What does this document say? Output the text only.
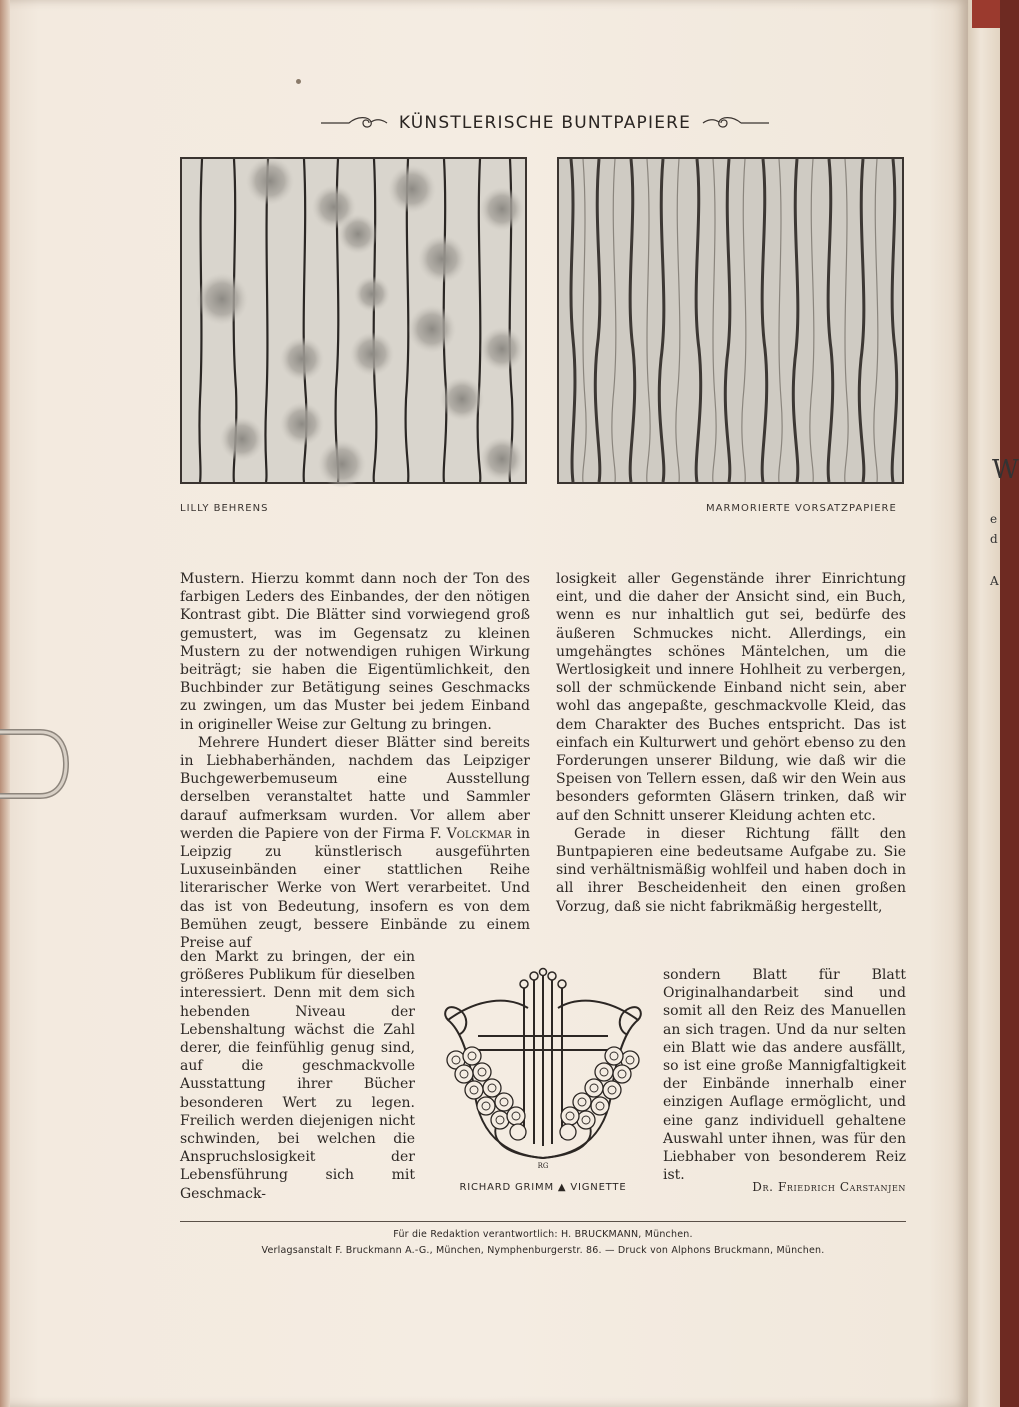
KÜNSTLERISCHE BUNTPAPIERE
LILLY BEHRENS	MARMORIERTE VORSATZPAPIERE

Mustern. Hierzu kommt dann noch der Ton des farbigen Leders des Einbandes, der den nötigen Kontrast gibt. Die Blätter sind vorwiegend groß gemustert, was im Gegensatz zu kleinen Mustern zu der notwendigen ruhigen Wirkung beiträgt; sie haben die Eigentümlichkeit, den Buchbinder zur Betätigung seines Geschmacks zu zwingen, um das Muster bei jedem Einband in origineller Weise zur Geltung zu bringen.

Mehrere Hundert dieser Blätter sind bereits in Liebhaberhänden, nachdem das Leipziger Buchgewerbemuseum eine Ausstellung derselben veranstaltet hatte und Sammler darauf aufmerksam wurden. Vor allem aber werden die Papiere von der Firma F. Volckmar in Leipzig zu künstlerisch ausgeführten Luxuseinbänden einer stattlichen Reihe literarischer Werke von Wert verarbeitet. Und das ist von Bedeutung, insofern es von dem Bemühen zeugt, bessere Einbände zu einem Preise auf

den Markt zu bringen, der ein größeres Publikum für dieselben interessiert. Denn mit dem sich hebenden Niveau der Lebenshaltung wächst die Zahl derer, die feinfühlig genug sind, auf die geschmackvolle Ausstattung ihrer Bücher besonderen Wert zu legen. Freilich werden diejenigen nicht schwinden, bei welchen die Anspruchslosigkeit der Lebensführung sich mit Geschmack-

losigkeit aller Gegenstände ihrer Einrichtung eint, und die daher der Ansicht sind, ein Buch, wenn es nur inhaltlich gut sei, bedürfe des äußeren Schmuckes nicht. Allerdings, ein umgehängtes schönes Mäntelchen, um die Wertlosigkeit und innere Hohlheit zu verbergen, soll der schmückende Einband nicht sein, aber wohl das angepaßte, geschmackvolle Kleid, das dem Charakter des Buches entspricht. Das ist einfach ein Kulturwert und gehört ebenso zu den Forderungen unserer Bildung, wie daß wir die Speisen von Tellern essen, daß wir den Wein aus besonders geformten Gläsern trinken, daß wir auf den Schnitt unserer Kleidung achten etc.

Gerade in dieser Richtung fällt den Buntpapieren eine bedeutsame Aufgabe zu. Sie sind verhältnismäßig wohlfeil und haben doch in all ihrer Bescheidenheit den einen großen Vorzug, daß sie nicht fabrikmäßig hergestellt,

sondern Blatt für Blatt Originalhandarbeit sind und somit all den Reiz des Manuellen an sich tragen. Und da nur selten ein Blatt wie das andere ausfällt, so ist eine große Mannigfaltigkeit der Einbände innerhalb einer einzigen Auflage ermöglicht, und eine ganz individuell gehaltene Auswahl unter ihnen, was für den Liebhaber von besonderem Reiz ist.

RG
RICHARD GRIMM ▲ VIGNETTE	Dr. Friedrich Carstanjen
Für die Redaktion verantwortlich: H. BRUCKMANN, München.
Verlagsanstalt F. Bruckmann A.-G., München, Nymphenburgerstr. 86. — Druck von Alphons Bruckmann, München.
W
A
d
e
